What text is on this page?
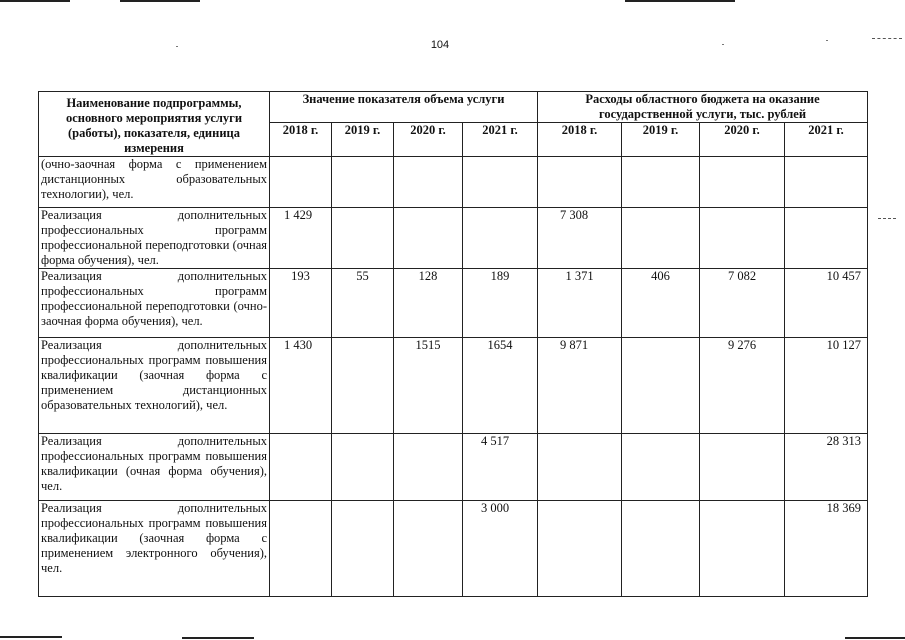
104
Наименование подпрограммы, основного мероприятия услуги (работы), показателя, единица измерения	Значение показателя объема услуги				Расходы областного бюджета на оказание государственной услуги, тыс. рублей			
	2018 г.	2019 г.	2020 г.	2021 г.	2018 г.	2019 г.	2020 г.	2021 г.
(очно-заочная форма с применением дистанционных образовательных технологии), чел.								
Реализация дополнительных профессиональных программ профессиональной переподготовки (очная форма обучения), чел.	1 429				7 308			
Реализация дополнительных профессиональных программ профессиональной переподготовки (очно-заочная форма обучения), чел.	193	55	128	189	1 371	406	7 082	10 457
Реализация дополнительных профессиональных программ повышения квалификации (заочная форма с применением дистанционных образовательных технологий), чел.	1 430		1515	1654	9 871		9 276	10 127
Реализация дополнительных профессиональных программ повышения квалификации (очная форма обучения), чел.				4 517				28 313
Реализация дополнительных профессиональных программ повышения квалификации (заочная форма с применением электронного обучения), чел.				3 000				18 369
